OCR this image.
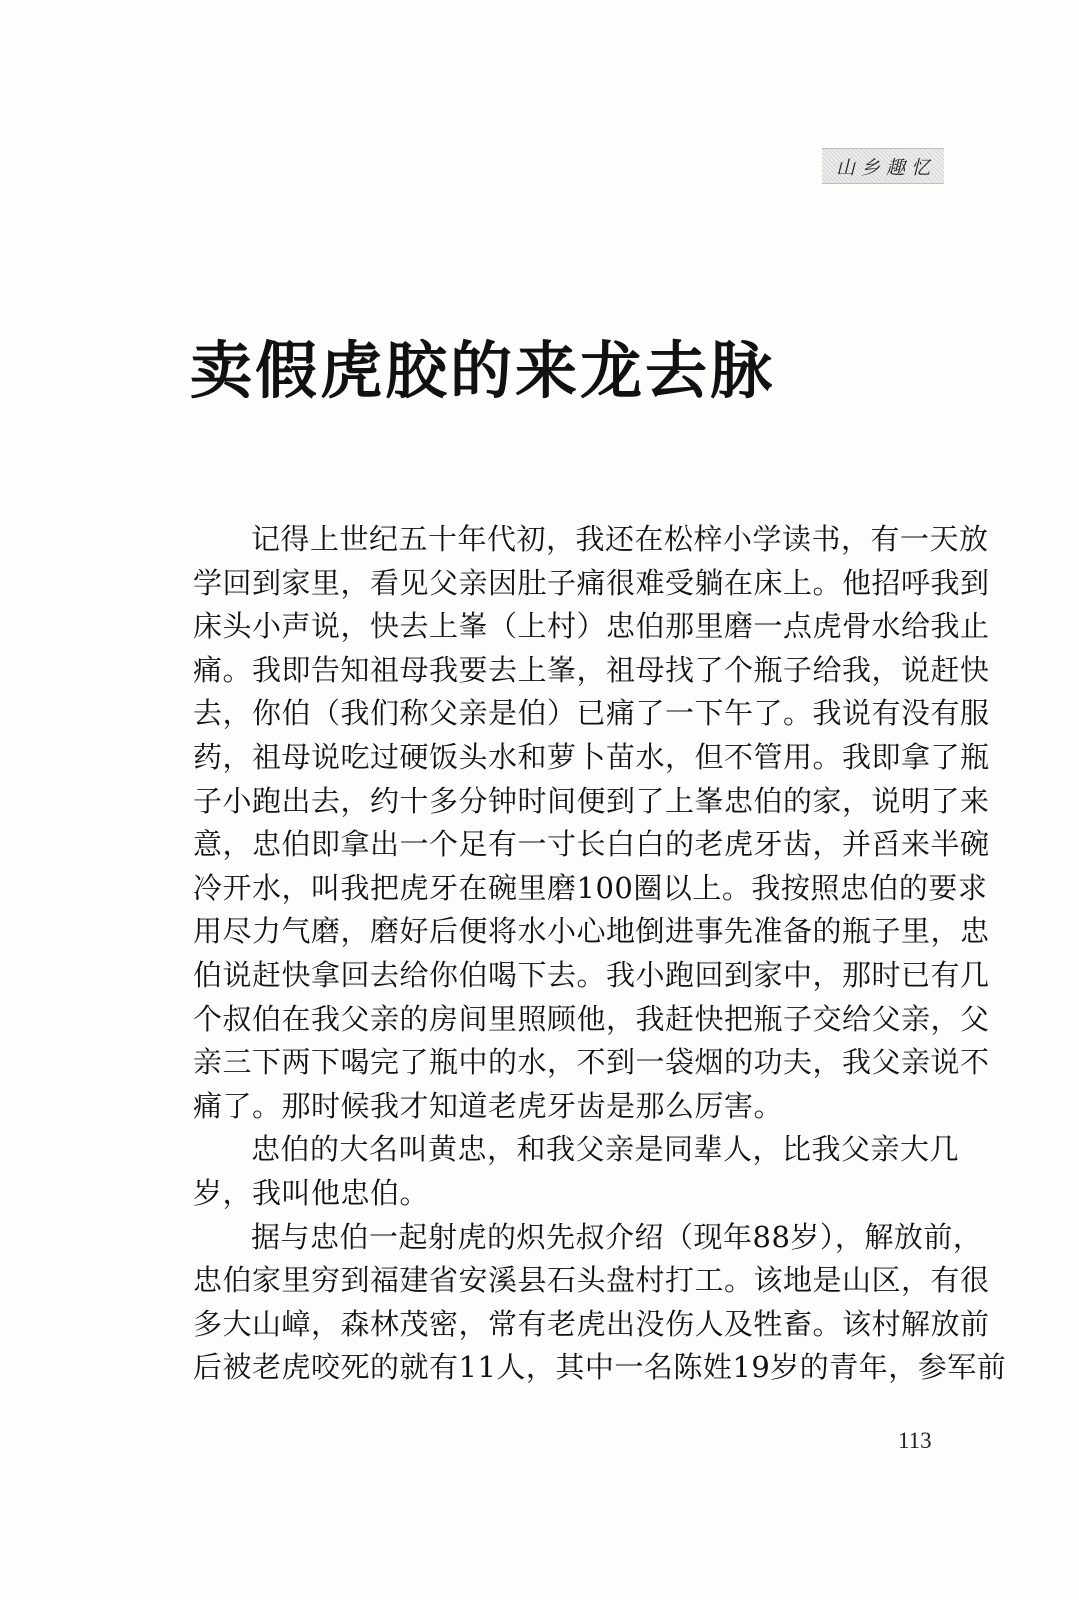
山乡趣忆
卖假虎胶的来龙去脉
记得上世纪五十年代初，我还在松梓小学读书，有一天放
学回到家里，看见父亲因肚子痛很难受躺在床上。他招呼我到
床头小声说，快去上峯（上村）忠伯那里磨一点虎骨水给我止
痛。我即告知祖母我要去上峯，祖母找了个瓶子给我，说赶快
去，你伯（我们称父亲是伯）已痛了一下午了。我说有没有服
药，祖母说吃过硬饭头水和萝卜苗水，但不管用。我即拿了瓶
子小跑出去，约十多分钟时间便到了上峯忠伯的家，说明了来
意，忠伯即拿出一个足有一寸长白白的老虎牙齿，并舀来半碗
冷开水，叫我把虎牙在碗里磨100圈以上。我按照忠伯的要求
用尽力气磨，磨好后便将水小心地倒进事先准备的瓶子里，忠
伯说赶快拿回去给你伯喝下去。我小跑回到家中，那时已有几
个叔伯在我父亲的房间里照顾他，我赶快把瓶子交给父亲，父
亲三下两下喝完了瓶中的水，不到一袋烟的功夫，我父亲说不
痛了。那时候我才知道老虎牙齿是那么厉害。
忠伯的大名叫黄忠，和我父亲是同辈人，比我父亲大几
岁，我叫他忠伯。
据与忠伯一起射虎的炽先叔介绍（现年88岁），解放前，
忠伯家里穷到福建省安溪县石头盘村打工。该地是山区，有很
多大山嶂，森林茂密，常有老虎出没伤人及牲畜。该村解放前
后被老虎咬死的就有11人，其中一名陈姓19岁的青年，参军前
113
